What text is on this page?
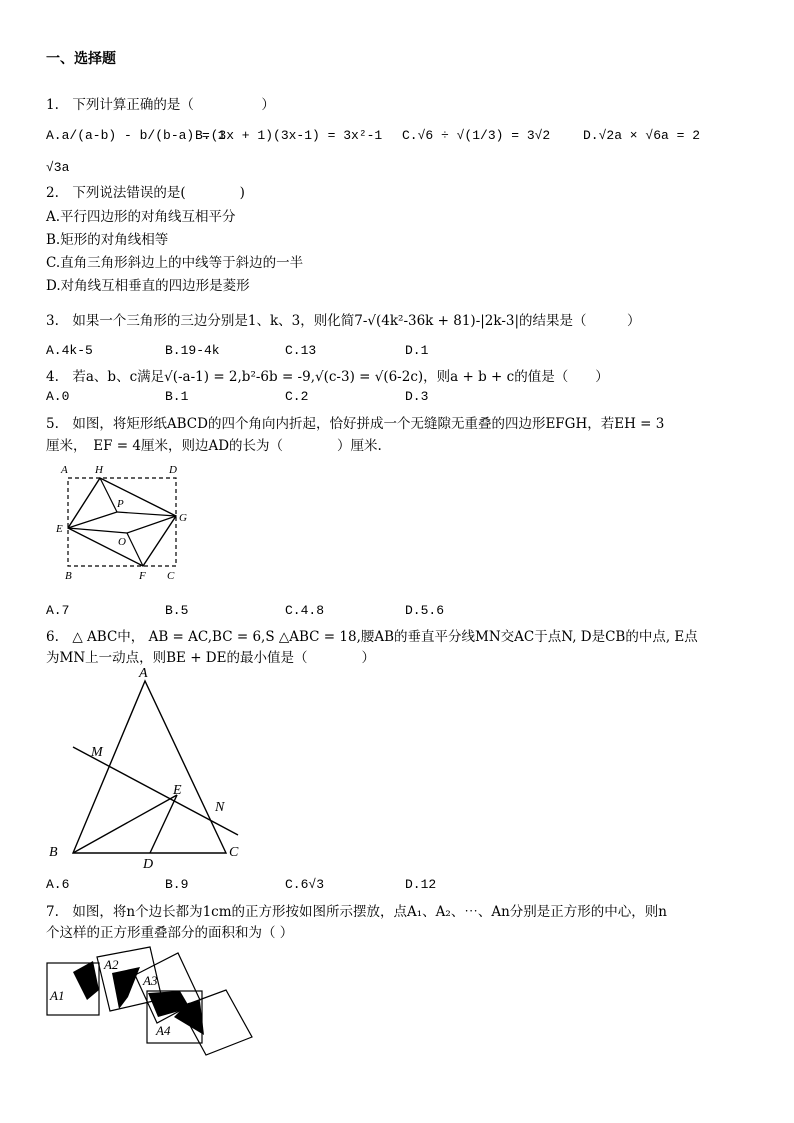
一、选择题
1.　下列计算正确的是（　　　　　）
A.a/(a-b) - b/(b-a) = 1
B.(3x + 1)(3x-1) = 3x²-1 C.√6 ÷ √(1/3) = 3√2	D.√2a × √6a = 2
√3a
2.　下列说法错误的是(　　　　)
A.平行四边形的对角线互相平分
B.矩形的对角线相等
C.直角三角形斜边上的中线等于斜边的一半
D.对角线互相垂直的四边形是菱形
3.　如果一个三角形的三边分别是1、k、3，则化简7-√(4k²-36k + 81)-|2k-3|的结果是（　　　）
A.4k-5	B.19-4k	C.13	D.1
4.　若a、b、c满足√(-a-1) = 2,b²-6b = -9,√(c-3) = √(6-2c)，则a + b + c的值是（　　）
A.0	B.1	C.2	D.3
5.　如图，将矩形纸ABCD的四个角向内折起，恰好拼成一个无缝隙无重叠的四边形EFGH，若EH = 3
厘米，　EF = 4厘米，则边AD的长为（　　　　）厘米.
A H	D
P
G
E
O
B	F C
A.7	B.5	C.4.8	D.5.6
6.　△ ABC中， AB = AC,BC = 6,S △ABC = 18,腰AB的垂直平分线MN交AC于点N, D是CB的中点, E点
为MN上一动点，则BE + DE的最小值是（　　　　）
A
M
E
N
B
D
C
A.6	B.9	C.6√3	D.12
7.　如图，将n个边长都为1cm的正方形按如图所示摆放，点A₁、A₂、⋯、An分别是正方形的中心，则n
个这样的正方形重叠部分的面积和为（ ）
A1
A2
A3
A4
